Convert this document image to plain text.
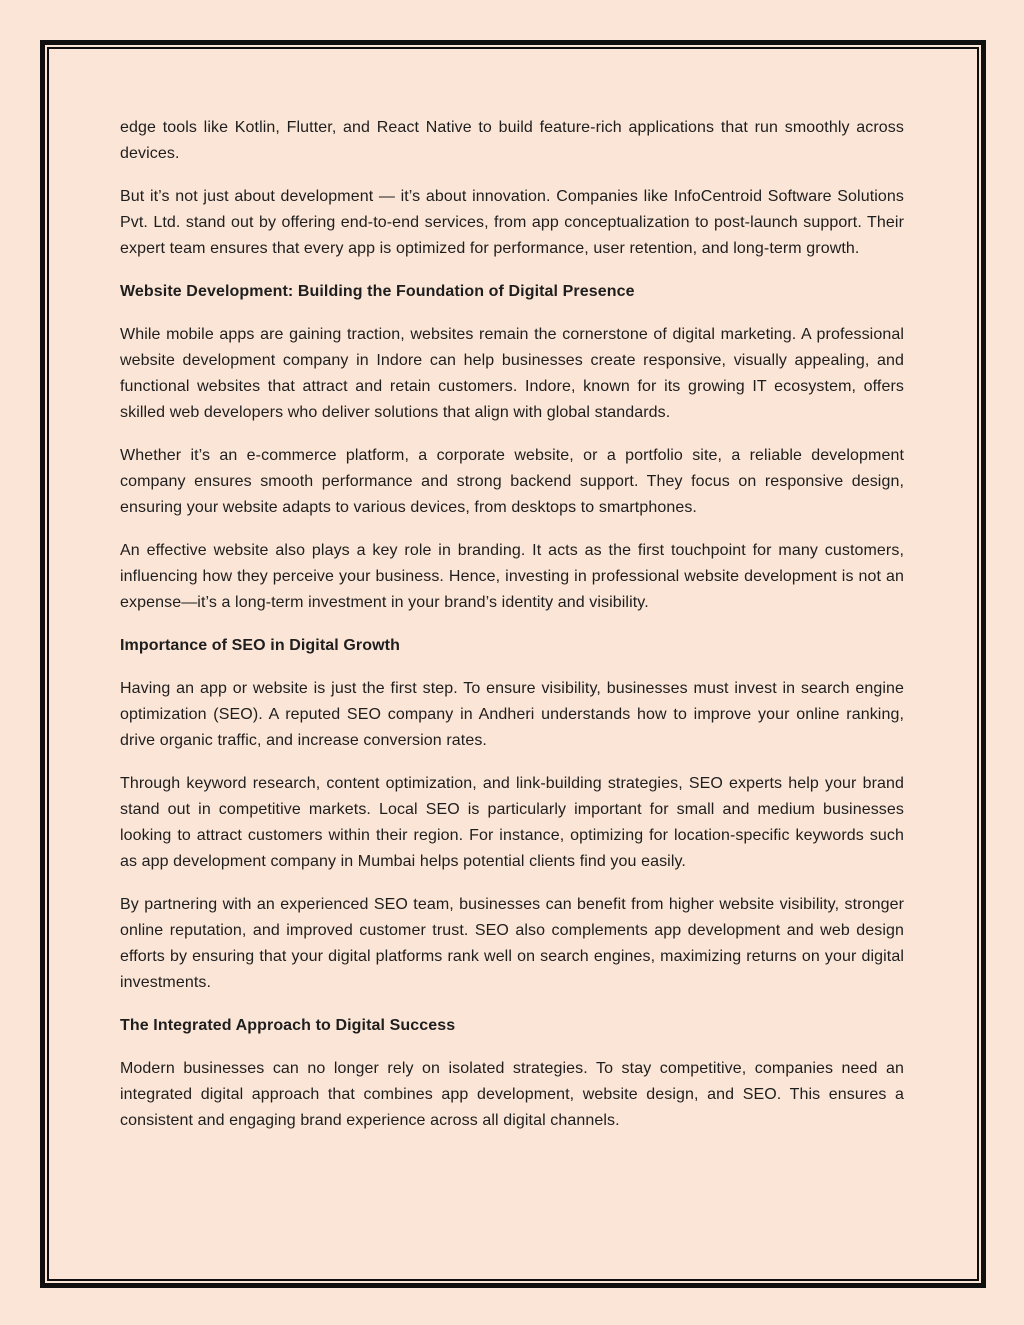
edge tools like Kotlin, Flutter, and React Native to build feature-rich applications that run smoothly across devices.

But it’s not just about development — it’s about innovation. Companies like InfoCentroid Software Solutions Pvt. Ltd. stand out by offering end-to-end services, from app conceptualization to post-launch support. Their expert team ensures that every app is optimized for performance, user retention, and long-term growth.

Website Development: Building the Foundation of Digital Presence

While mobile apps are gaining traction, websites remain the cornerstone of digital marketing. A professional website development company in Indore can help businesses create responsive, visually appealing, and functional websites that attract and retain customers. Indore, known for its growing IT ecosystem, offers skilled web developers who deliver solutions that align with global standards.

Whether it’s an e-commerce platform, a corporate website, or a portfolio site, a reliable development company ensures smooth performance and strong backend support. They focus on responsive design, ensuring your website adapts to various devices, from desktops to smartphones.

An effective website also plays a key role in branding. It acts as the first touchpoint for many customers, influencing how they perceive your business. Hence, investing in professional website development is not an expense—it’s a long-term investment in your brand’s identity and visibility.

Importance of SEO in Digital Growth

Having an app or website is just the first step. To ensure visibility, businesses must invest in search engine optimization (SEO). A reputed SEO company in Andheri understands how to improve your online ranking, drive organic traffic, and increase conversion rates.

Through keyword research, content optimization, and link-building strategies, SEO experts help your brand stand out in competitive markets. Local SEO is particularly important for small and medium businesses looking to attract customers within their region. For instance, optimizing for location-specific keywords such as app development company in Mumbai helps potential clients find you easily.

By partnering with an experienced SEO team, businesses can benefit from higher website visibility, stronger online reputation, and improved customer trust. SEO also complements app development and web design efforts by ensuring that your digital platforms rank well on search engines, maximizing returns on your digital investments.

The Integrated Approach to Digital Success

Modern businesses can no longer rely on isolated strategies. To stay competitive, companies need an integrated digital approach that combines app development, website design, and SEO. This ensures a consistent and engaging brand experience across all digital channels.
